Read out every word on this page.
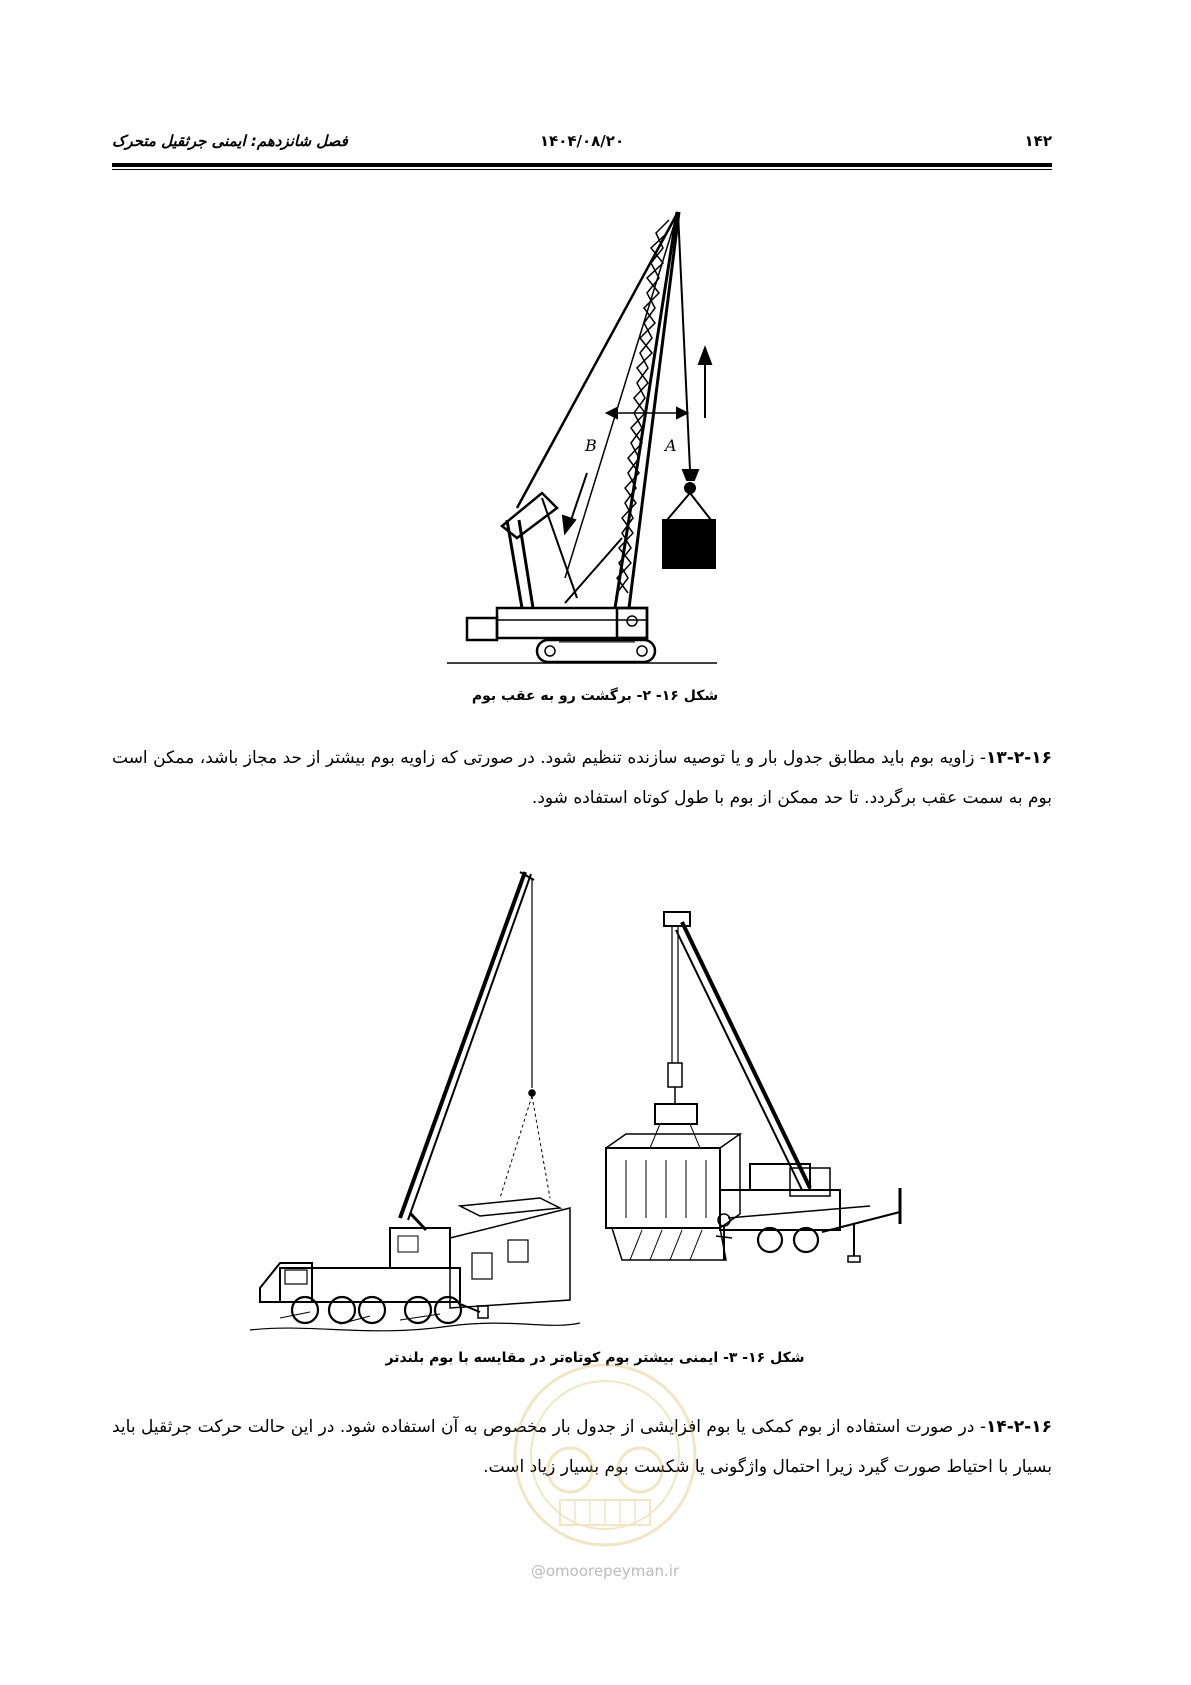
فصل شانزدهم: ایمنی جرثقیل متحرک	۱۴۰۴/۰۸/۲۰	۱۴۲
B	A
شکل ۱۶- ۲- برگشت رو به عقب بوم

۱۳-۲-۱۶- زاویه بوم باید مطابق جدول بار و یا توصیه سازنده تنظیم شود. در صورتی که زاویه بوم بیشتر از حد مجاز باشد، ممکن است بوم به سمت عقب برگردد. تا حد ممکن از بوم با طول کوتاه استفاده شود.

شکل ۱۶- ۳- ایمنی بیشتر بوم کوتاه‌تر در مقایسه با بوم بلندتر

۱۴-۲-۱۶- در صورت استفاده از بوم کمکی یا بوم افزایشی از جدول بار مخصوص به آن استفاده شود. در این حالت حرکت جرثقیل باید بسیار با احتیاط صورت گیرد زیرا احتمال واژگونی یا شکست بوم بسیار زیاد است.

@omoorepeyman.ir
